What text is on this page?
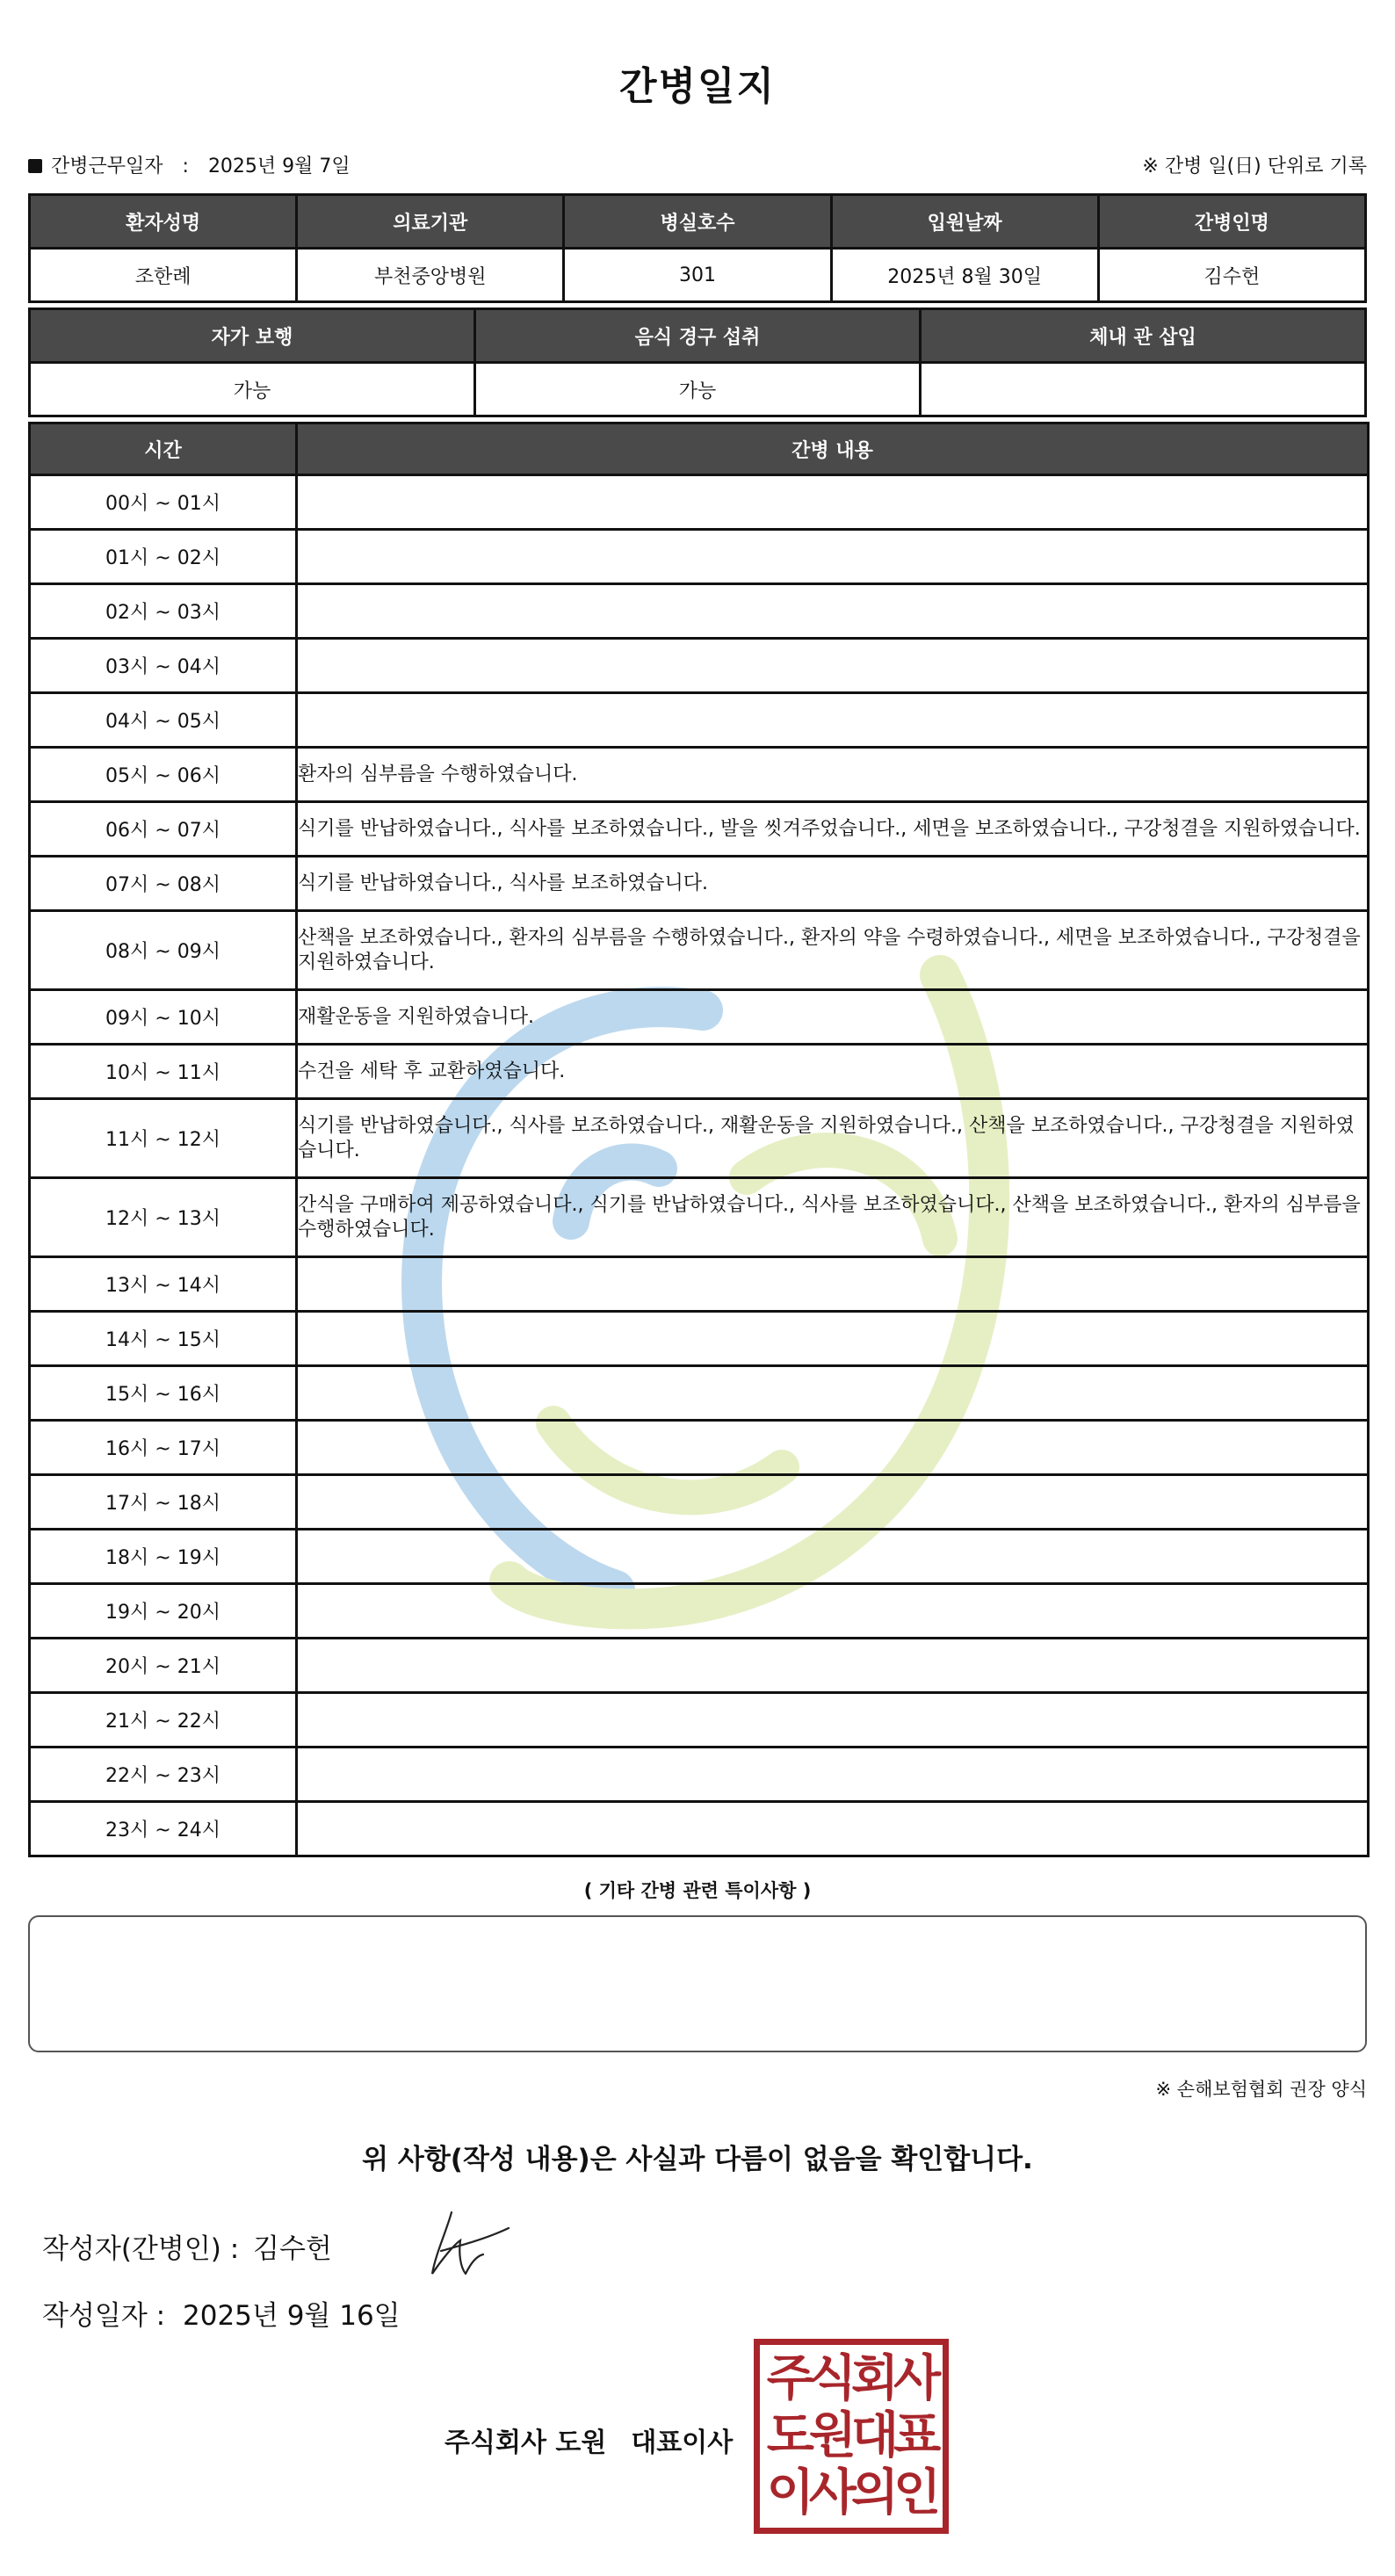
간병일지
간병근무일자 : 2025년 9월 7일	※ 간병 일(日) 단위로 기록
환자성명	의료기관	병실호수	입원날짜	간병인명
조한례	부천중앙병원	301	2025년 8월 30일	김수헌
자가 보행	음식 경구 섭취	체내 관 삽입
가능	가능	
시간	간병 내용
00시 ~ 01시	
01시 ~ 02시	
02시 ~ 03시	
03시 ~ 04시	
04시 ~ 05시	
05시 ~ 06시	환자의 심부름을 수행하였습니다.
06시 ~ 07시	식기를 반납하였습니다., 식사를 보조하였습니다., 발을 씻겨주었습니다., 세면을 보조하였습니다., 구강청결을 지원하였습니다.
07시 ~ 08시	식기를 반납하였습니다., 식사를 보조하였습니다.
08시 ~ 09시	산책을 보조하였습니다., 환자의 심부름을 수행하였습니다., 환자의 약을 수령하였습니다., 세면을 보조하였습니다., 구강청결을 지원하였습니다.
09시 ~ 10시	재활운동을 지원하였습니다.
10시 ~ 11시	수건을 세탁 후 교환하였습니다.
11시 ~ 12시	식기를 반납하였습니다., 식사를 보조하였습니다., 재활운동을 지원하였습니다., 산책을 보조하였습니다., 구강청결을 지원하였습니다.
12시 ~ 13시	간식을 구매하여 제공하였습니다., 식기를 반납하였습니다., 식사를 보조하였습니다., 산책을 보조하였습니다., 환자의 심부름을 수행하였습니다.
13시 ~ 14시	
14시 ~ 15시	
15시 ~ 16시	
16시 ~ 17시	
17시 ~ 18시	
18시 ~ 19시	
19시 ~ 20시	
20시 ~ 21시	
21시 ~ 22시	
22시 ~ 23시	
23시 ~ 24시	
( 기타 간병 관련 특이사항 )
※ 손해보험협회 권장 양식
위 사항(작성 내용)은 사실과 다름이 없음을 확인합니다.
작성자(간병인) : 김수헌
작성일자 : 2025년 9월 16일
주식회사 도원 대표이사
주식회사
도원대표
이사의인
